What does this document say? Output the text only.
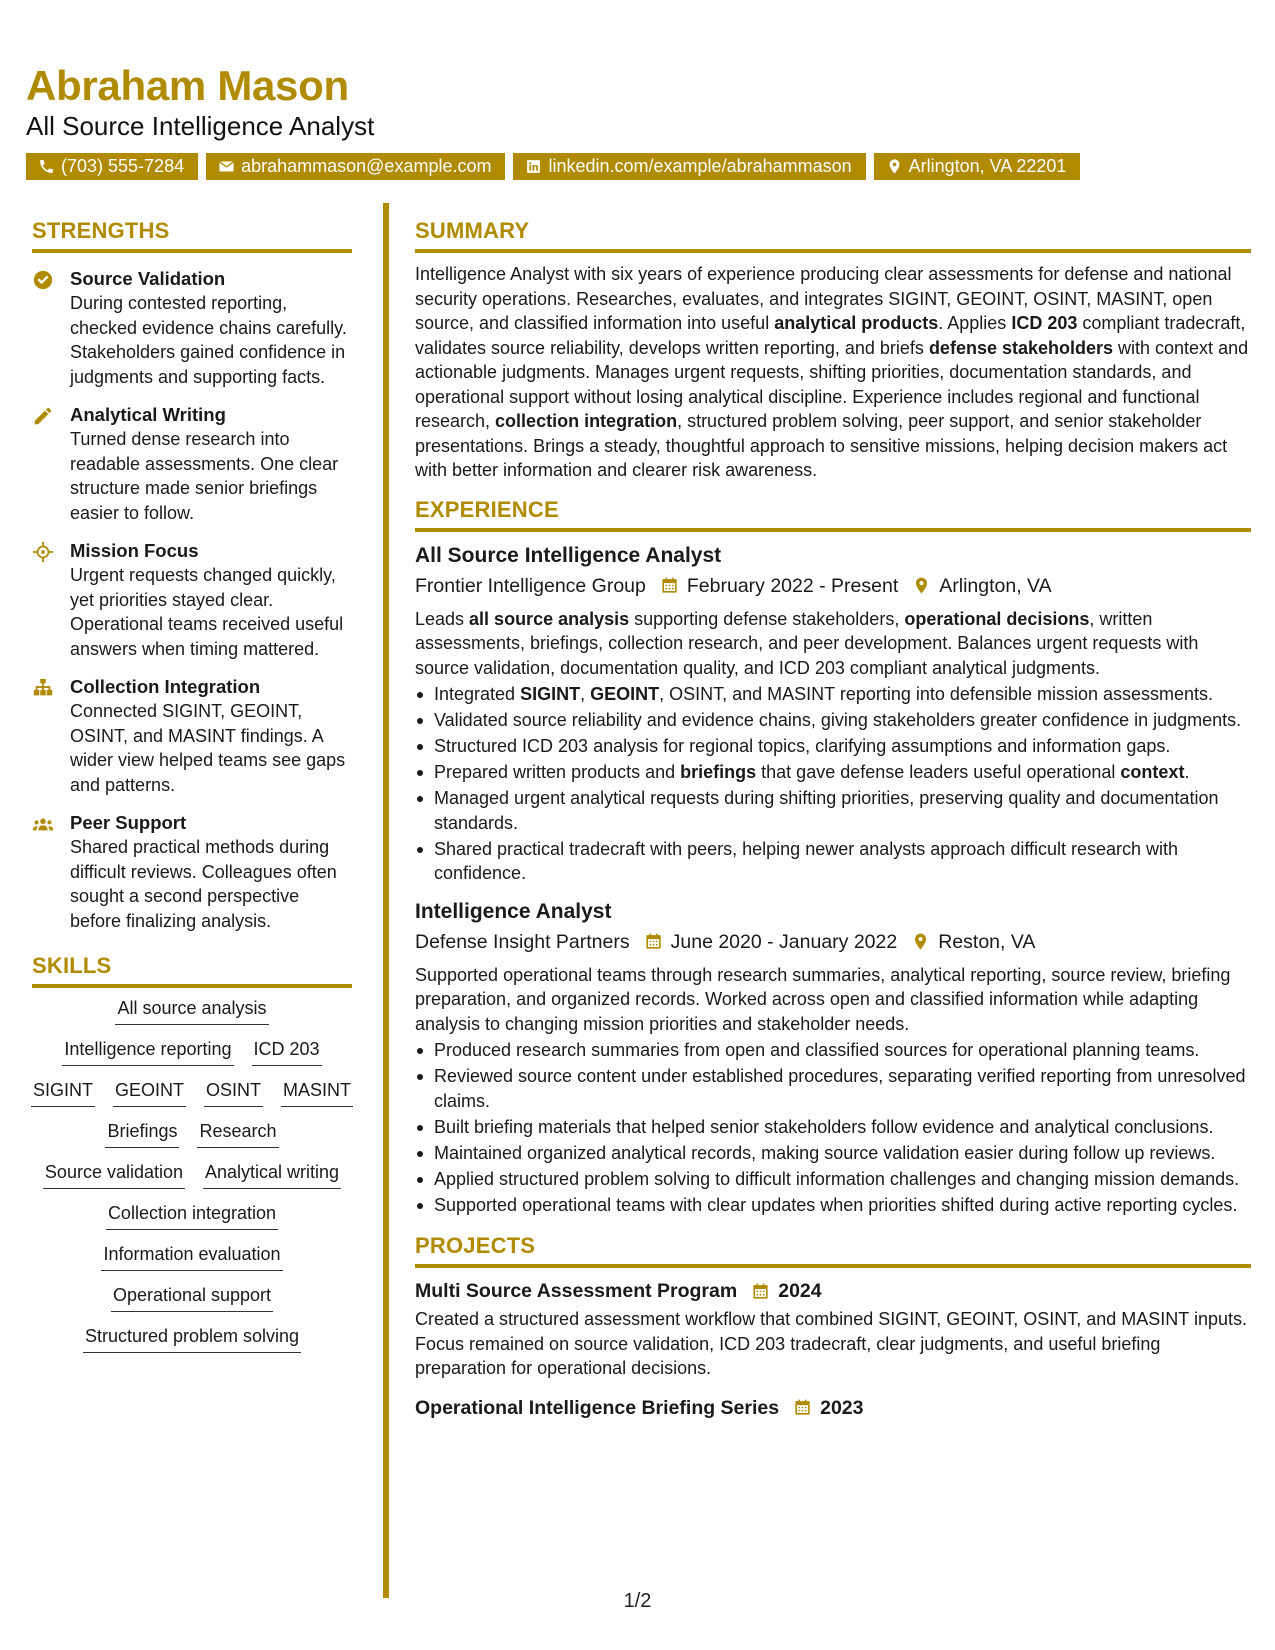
Abraham Mason
All Source Intelligence Analyst
(703) 555-7284	abrahammason@example.com	linkedin.com/example/abrahammason	Arlington, VA 22201
STRENGTHS
Source Validation
During contested reporting, checked evidence chains carefully. Stakeholders gained confidence in judgments and supporting facts.
Analytical Writing
Turned dense research into readable assessments. One clear structure made senior briefings easier to follow.
Mission Focus
Urgent requests changed quickly, yet priorities stayed clear. Operational teams received useful answers when timing mattered.
Collection Integration
Connected SIGINT, GEOINT, OSINT, and MASINT findings. A wider view helped teams see gaps and patterns.
Peer Support
Shared practical methods during difficult reviews. Colleagues often sought a second perspective before finalizing analysis.
SKILLS
All source analysis
Intelligence reporting ICD 203
SIGINT GEOINT OSINT MASINT
Briefings Research
Source validation Analytical writing
Collection integration
Information evaluation
Operational support
Structured problem solving
SUMMARY
Intelligence Analyst with six years of experience producing clear assessments for defense and national security operations. Researches, evaluates, and integrates SIGINT, GEOINT, OSINT, MASINT, open source, and classified information into useful analytical products. Applies ICD 203 compliant tradecraft, validates source reliability, develops written reporting, and briefs defense stakeholders with context and actionable judgments. Manages urgent requests, shifting priorities, documentation standards, and operational support without losing analytical discipline. Experience includes regional and functional research, collection integration, structured problem solving, peer support, and senior stakeholder presentations. Brings a steady, thoughtful approach to sensitive missions, helping decision makers act with better information and clearer risk awareness.
EXPERIENCE
All Source Intelligence Analyst
Frontier Intelligence Group February 2022 - Present Arlington, VA
Leads all source analysis supporting defense stakeholders, operational decisions, written assessments, briefings, collection research, and peer development. Balances urgent requests with source validation, documentation quality, and ICD 203 compliant analytical judgments.
Integrated SIGINT, GEOINT, OSINT, and MASINT reporting into defensible mission assessments.
Validated source reliability and evidence chains, giving stakeholders greater confidence in judgments.
Structured ICD 203 analysis for regional topics, clarifying assumptions and information gaps.
Prepared written products and briefings that gave defense leaders useful operational context.
Managed urgent analytical requests during shifting priorities, preserving quality and documentation standards.
Shared practical tradecraft with peers, helping newer analysts approach difficult research with confidence.
Intelligence Analyst
Defense Insight Partners June 2020 - January 2022 Reston, VA
Supported operational teams through research summaries, analytical reporting, source review, briefing preparation, and organized records. Worked across open and classified information while adapting analysis to changing mission priorities and stakeholder needs.
Produced research summaries from open and classified sources for operational planning teams.
Reviewed source content under established procedures, separating verified reporting from unresolved claims.
Built briefing materials that helped senior stakeholders follow evidence and analytical conclusions.
Maintained organized analytical records, making source validation easier during follow up reviews.
Applied structured problem solving to difficult information challenges and changing mission demands.
Supported operational teams with clear updates when priorities shifted during active reporting cycles.
PROJECTS
Multi Source Assessment Program 2024
Created a structured assessment workflow that combined SIGINT, GEOINT, OSINT, and MASINT inputs. Focus remained on source validation, ICD 203 tradecraft, clear judgments, and useful briefing preparation for operational decisions.
Operational Intelligence Briefing Series 2023
1/2
